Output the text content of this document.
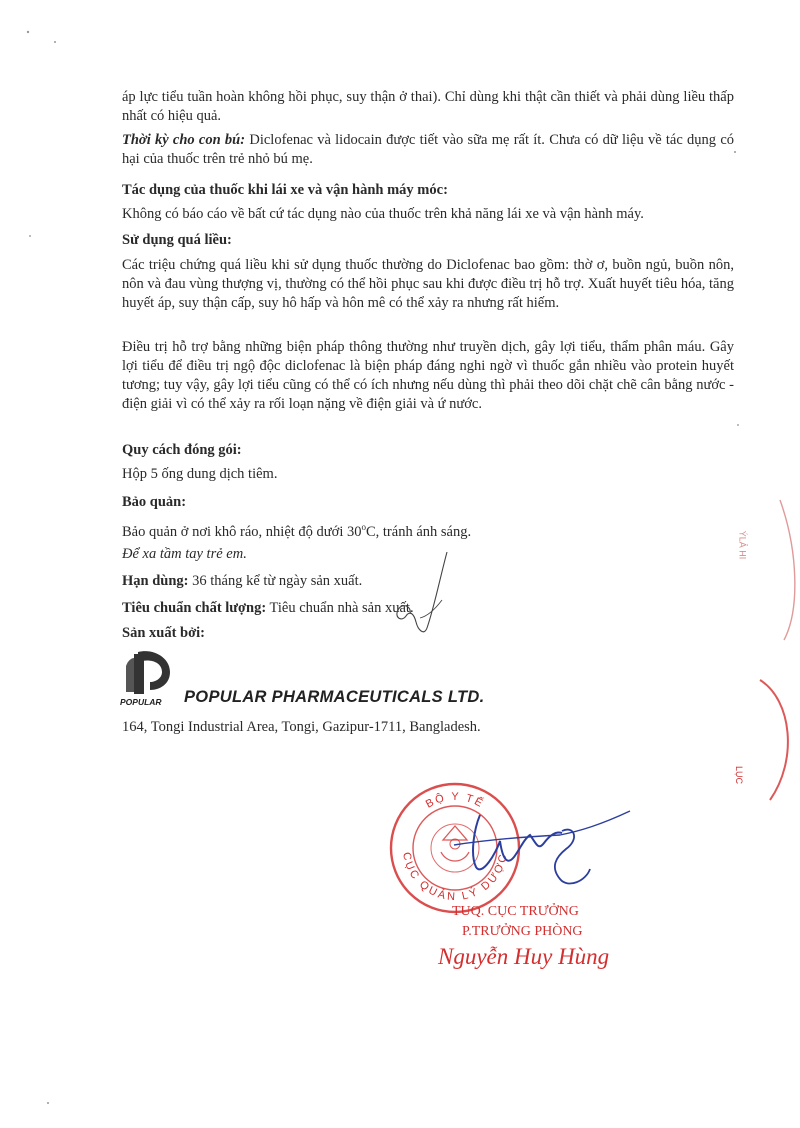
áp lực tiểu tuần hoàn không hồi phục, suy thận ở thai). Chỉ dùng khi thật cần thiết và phải dùng liều thấp nhất có hiệu quả.

Thời kỳ cho con bú: Diclofenac và lidocain được tiết vào sữa mẹ rất ít. Chưa có dữ liệu về tác dụng có hại của thuốc trên trẻ nhỏ bú mẹ.

Tác dụng của thuốc khi lái xe và vận hành máy móc:

Không có báo cáo về bất cứ tác dụng nào của thuốc trên khả năng lái xe và vận hành máy.

Sử dụng quá liều:

Các triệu chứng quá liều khi sử dụng thuốc thường do Diclofenac bao gồm: thờ ơ, buồn ngủ, buồn nôn, nôn và đau vùng thượng vị, thường có thể hồi phục sau khi được điều trị hỗ trợ. Xuất huyết tiêu hóa, tăng huyết áp, suy thận cấp, suy hô hấp và hôn mê có thể xảy ra nhưng rất hiếm.

Điều trị hỗ trợ bằng những biện pháp thông thường như truyền dịch, gây lợi tiểu, thẩm phân máu. Gây lợi tiểu để điều trị ngộ độc diclofenac là biện pháp đáng nghi ngờ vì thuốc gắn nhiều vào protein huyết tương; tuy vậy, gây lợi tiểu cũng có thể có ích nhưng nếu dùng thì phải theo dõi chặt chẽ cân bằng nước - điện giải vì có thể xảy ra rối loạn nặng về điện giải và ứ nước.

Quy cách đóng gói:

Hộp 5 ống dung dịch tiêm.

Bảo quản:

Bảo quản ở nơi khô ráo, nhiệt độ dưới 30$^o$C, tránh ánh sáng.

Để xa tầm tay trẻ em.

Hạn dùng: 36 tháng kể từ ngày sản xuất.

Tiêu chuẩn chất lượng: Tiêu chuẩn nhà sản xuất.

Sản xuất bởi:

POPULAR POPULAR PHARMACEUTICALS LTD.

164, Tongi Industrial Area, Tongi, Gazipur-1711, Bangladesh.

BỘ Y TẾ
CỤC QUẢN LÝ DƯỢC
TUQ. CỤC TRƯỞNG
P.TRƯỞNG PHÒNG
Nguyễn Huy Hùng
ÝLẢ HI
LỤC
